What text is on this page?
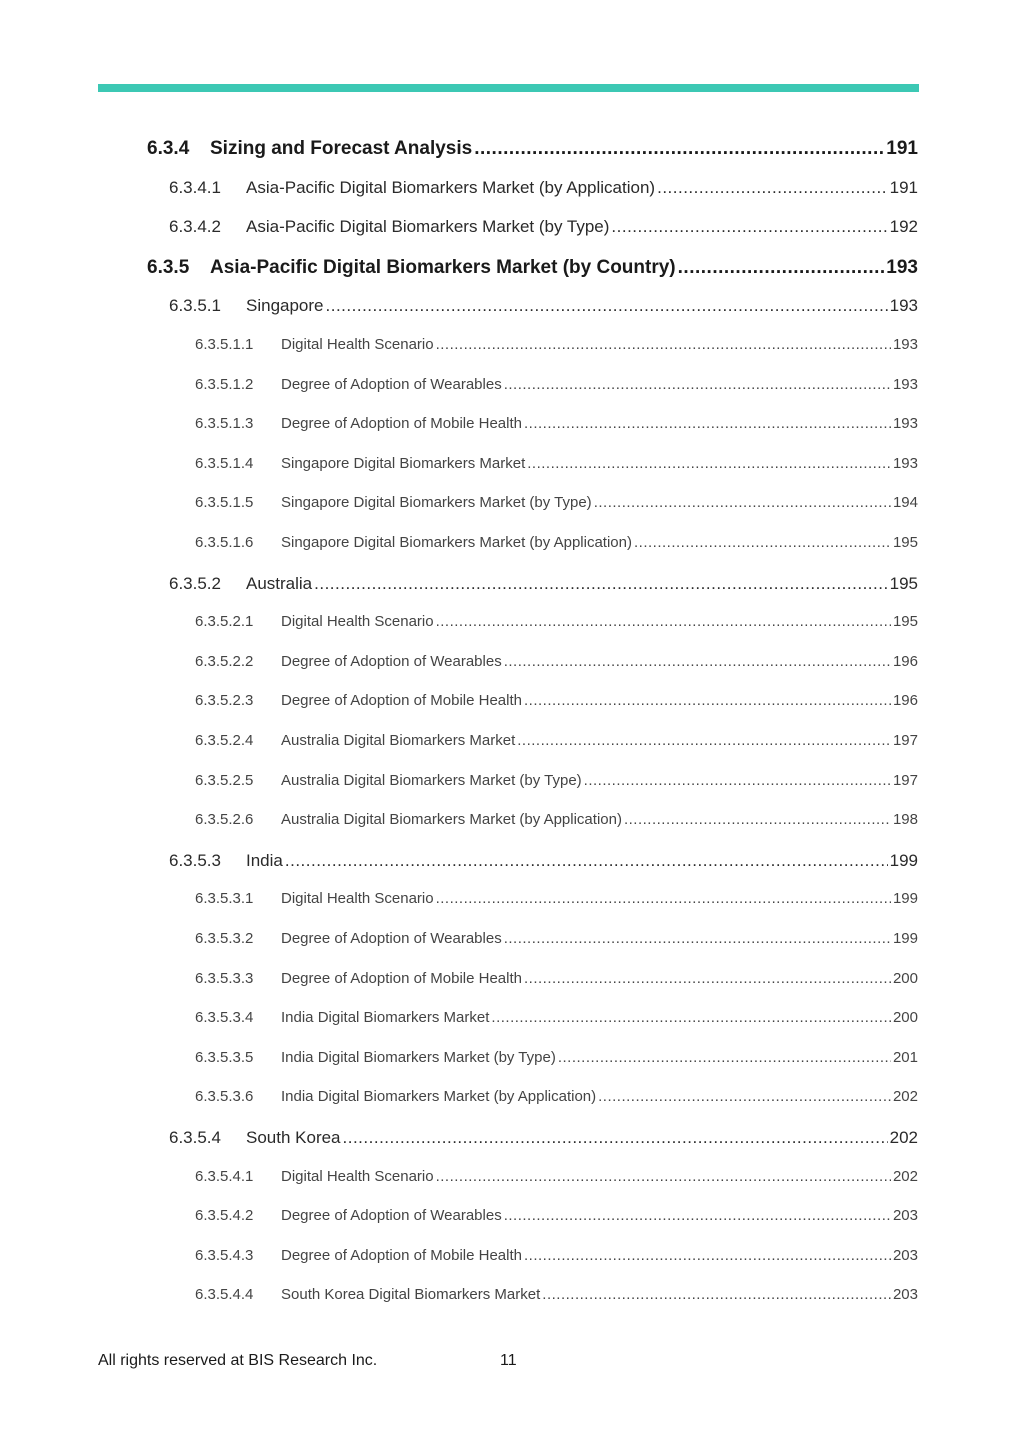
6.3.4	Sizing and Forecast Analysis .....	191
6.3.4.1	Asia-Pacific Digital Biomarkers Market (by Application) .....	191
6.3.4.2	Asia-Pacific Digital Biomarkers Market (by Type) .....	192
6.3.5	Asia-Pacific Digital Biomarkers Market (by Country) .....	193
6.3.5.1	Singapore .....	193
6.3.5.1.1	Digital Health Scenario .....	193
6.3.5.1.2	Degree of Adoption of Wearables .....	193
6.3.5.1.3	Degree of Adoption of Mobile Health .....	193
6.3.5.1.4	Singapore Digital Biomarkers Market .....	193
6.3.5.1.5	Singapore Digital Biomarkers Market (by Type) .....	194
6.3.5.1.6	Singapore Digital Biomarkers Market (by Application) .....	195
6.3.5.2	Australia .....	195
6.3.5.2.1	Digital Health Scenario .....	195
6.3.5.2.2	Degree of Adoption of Wearables .....	196
6.3.5.2.3	Degree of Adoption of Mobile Health .....	196
6.3.5.2.4	Australia Digital Biomarkers Market .....	197
6.3.5.2.5	Australia Digital Biomarkers Market (by Type) .....	197
6.3.5.2.6	Australia Digital Biomarkers Market (by Application) .....	198
6.3.5.3	India .....	199
6.3.5.3.1	Digital Health Scenario .....	199
6.3.5.3.2	Degree of Adoption of Wearables .....	199
6.3.5.3.3	Degree of Adoption of Mobile Health .....	200
6.3.5.3.4	India Digital Biomarkers Market .....	200
6.3.5.3.5	India Digital Biomarkers Market (by Type) .....	201
6.3.5.3.6	India Digital Biomarkers Market (by Application) .....	202
6.3.5.4	South Korea .....	202
6.3.5.4.1	Digital Health Scenario .....	202
6.3.5.4.2	Degree of Adoption of Wearables .....	203
6.3.5.4.3	Degree of Adoption of Mobile Health .....	203
6.3.5.4.4	South Korea Digital Biomarkers Market .....	203
All rights reserved at BIS Research Inc.	11
